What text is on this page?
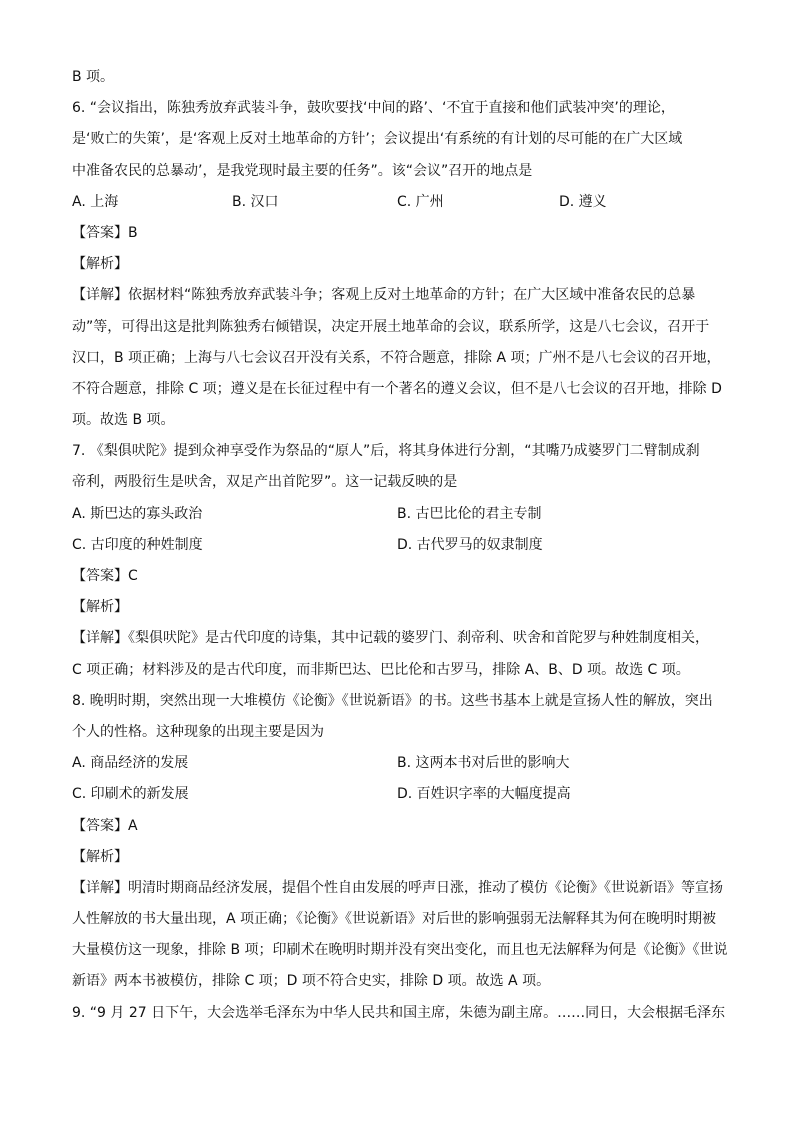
B 项。
6. “会议指出，陈独秀放弃武装斗争，鼓吹要找‘中间的路’、‘不宜于直接和他们武装冲突’的理论，
是‘败亡的失策’，是‘客观上反对土地革命的方针’；会议提出‘有系统的有计划的尽可能的在广大区域
中准备农民的总暴动’，是我党现时最主要的任务”。该“会议”召开的地点是
A. 上海	B. 汉口	C. 广州	D. 遵义
【答案】B
【解析】
【详解】依据材料“陈独秀放弃武装斗争；客观上反对土地革命的方针；在广大区域中准备农民的总暴
动”等，可得出这是批判陈独秀右倾错误，决定开展土地革命的会议，联系所学，这是八七会议，召开于
汉口，B 项正确；上海与八七会议召开没有关系，不符合题意，排除 A 项；广州不是八七会议的召开地，
不符合题意，排除 C 项；遵义是在长征过程中有一个著名的遵义会议，但不是八七会议的召开地，排除 D
项。故选 B 项。
7. 《梨俱吠陀》提到众神享受作为祭品的“原人”后，将其身体进行分割，“其嘴乃成婆罗门二臂制成刹
帝利，两股衍生是吠舍，双足产出首陀罗”。这一记载反映的是
A. 斯巴达的寡头政治	B. 古巴比伦的君主专制
C. 古印度的种姓制度	D. 古代罗马的奴隶制度
【答案】C
【解析】
【详解】《梨俱吠陀》是古代印度的诗集，其中记载的婆罗门、刹帝利、吠舍和首陀罗与种姓制度相关，
C 项正确；材料涉及的是古代印度，而非斯巴达、巴比伦和古罗马，排除 A、B、D 项。故选 C 项。
8. 晚明时期，突然出现一大堆模仿《论衡》《世说新语》的书。这些书基本上就是宣扬人性的解放，突出
个人的性格。这种现象的出现主要是因为
A. 商品经济的发展	B. 这两本书对后世的影响大
C. 印刷术的新发展	D. 百姓识字率的大幅度提高
【答案】A
【解析】
【详解】明清时期商品经济发展，提倡个性自由发展的呼声日涨，推动了模仿《论衡》《世说新语》等宣扬
人性解放的书大量出现，A 项正确；《论衡》《世说新语》对后世的影响强弱无法解释其为何在晚明时期被
大量模仿这一现象，排除 B 项；印刷术在晚明时期并没有突出变化，而且也无法解释为何是《论衡》《世说
新语》两本书被模仿，排除 C 项；D 项不符合史实，排除 D 项。故选 A 项。
9. “9 月 27 日下午，大会选举毛泽东为中华人民共和国主席，朱德为副主席。……同日，大会根据毛泽东
